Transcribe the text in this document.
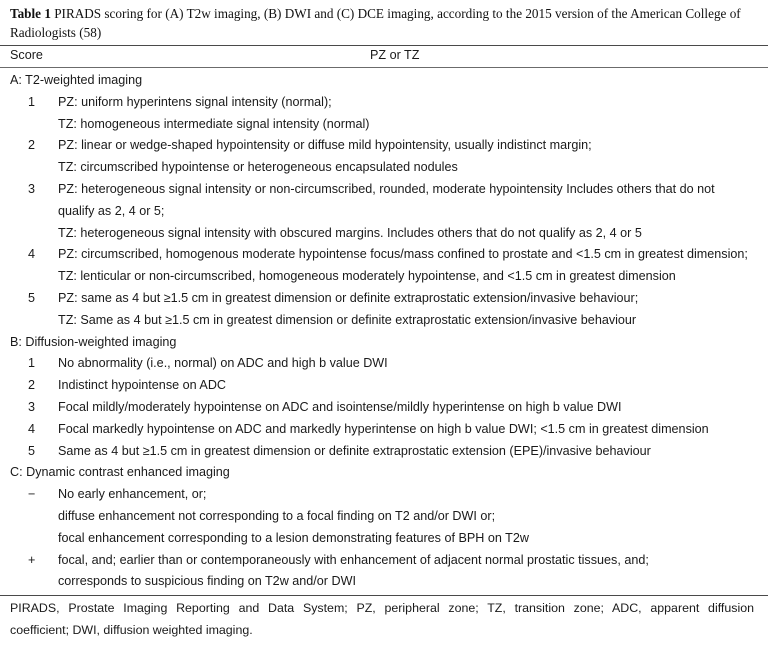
Table 1 PIRADS scoring for (A) T2w imaging, (B) DWI and (C) DCE imaging, according to the 2015 version of the American College of Radiologists (58)
Score	PZ or TZ
A: T2-weighted imaging
1	PZ: uniform hyperintens signal intensity (normal);
TZ: homogeneous intermediate signal intensity (normal)
2	PZ: linear or wedge-shaped hypointensity or diffuse mild hypointensity, usually indistinct margin;
TZ: circumscribed hypointense or heterogeneous encapsulated nodules
3	PZ: heterogeneous signal intensity or non-circumscribed, rounded, moderate hypointensity Includes others that do not qualify as 2, 4 or 5;
TZ: heterogeneous signal intensity with obscured margins. Includes others that do not qualify as 2, 4 or 5
4	PZ: circumscribed, homogenous moderate hypointense focus/mass confined to prostate and <1.5 cm in greatest dimension;
TZ: lenticular or non-circumscribed, homogeneous moderately hypointense, and <1.5 cm in greatest dimension
5	PZ: same as 4 but ≥1.5 cm in greatest dimension or definite extraprostatic extension/invasive behaviour;
TZ: Same as 4 but ≥1.5 cm in greatest dimension or definite extraprostatic extension/invasive behaviour
B: Diffusion-weighted imaging
1	No abnormality (i.e., normal) on ADC and high b value DWI
2	Indistinct hypointense on ADC
3	Focal mildly/moderately hypointense on ADC and isointense/mildly hyperintense on high b value DWI
4	Focal markedly hypointense on ADC and markedly hyperintense on high b value DWI; <1.5 cm in greatest dimension
5	Same as 4 but ≥1.5 cm in greatest dimension or definite extraprostatic extension (EPE)/invasive behaviour
C: Dynamic contrast enhanced imaging
−	No early enhancement, or;
diffuse enhancement not corresponding to a focal finding on T2 and/or DWI or;
focal enhancement corresponding to a lesion demonstrating features of BPH on T2w
+	focal, and; earlier than or contemporaneously with enhancement of adjacent normal prostatic tissues, and;
corresponds to suspicious finding on T2w and/or DWI
PIRADS, Prostate Imaging Reporting and Data System; PZ, peripheral zone; TZ, transition zone; ADC, apparent diffusion
coefficient; DWI, diffusion weighted imaging.
